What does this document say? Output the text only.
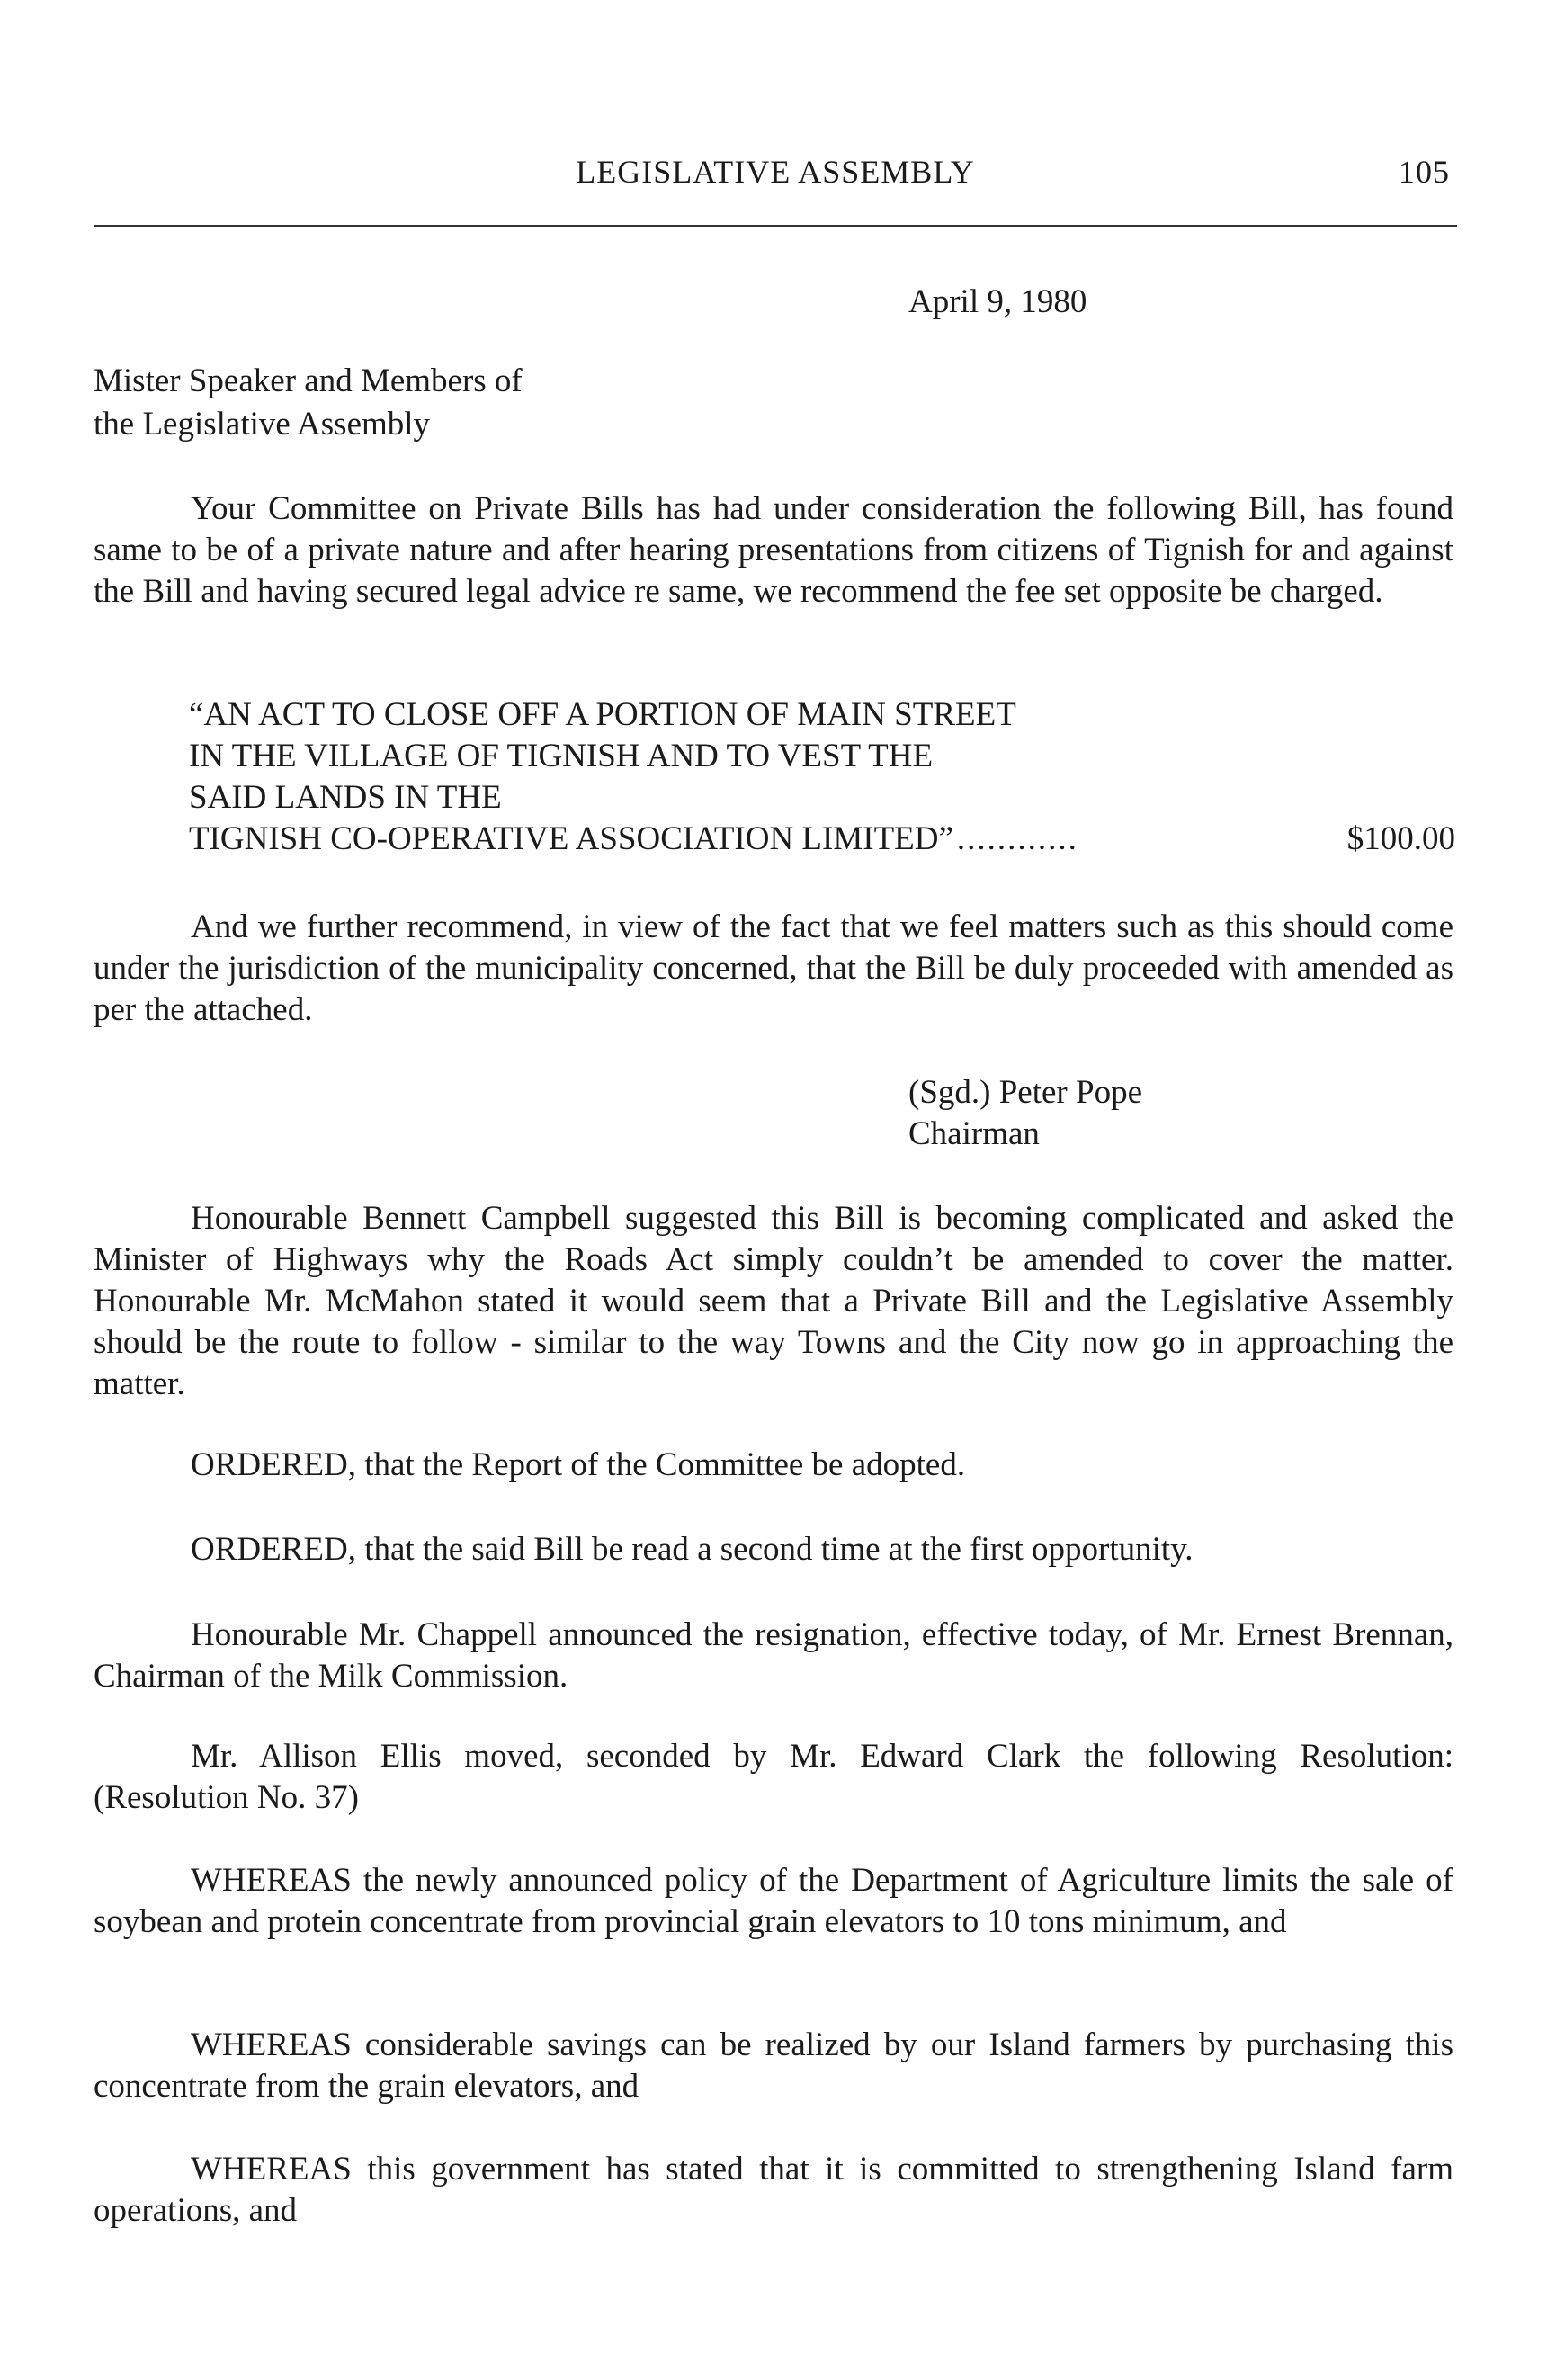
LEGISLATIVE ASSEMBLY	105
April 9, 1980
Mister Speaker and Members of
the Legislative Assembly

Your Committee on Private Bills has had under consideration the following Bill, has found same to be of a private nature and after hearing presentations from citizens of Tignish for and against the Bill and having secured legal advice re same, we recommend the fee set opposite be charged.

“AN ACT TO CLOSE OFF A PORTION OF MAIN STREET
IN THE VILLAGE OF TIGNISH AND TO VEST THE
SAID LANDS IN THE
TIGNISH CO-OPERATIVE ASSOCIATION LIMITED” ............	$100.00

And we further recommend, in view of the fact that we feel matters such as this should come under the jurisdiction of the municipality concerned, that the Bill be duly proceeded with amended as per the attached.

(Sgd.) Peter Pope
Chairman

Honourable Bennett Campbell suggested this Bill is becoming complicated and asked the Minister of Highways why the Roads Act simply couldn’t be amended to cover the matter. Honourable Mr. McMahon stated it would seem that a Private Bill and the Legislative Assembly should be the route to follow - similar to the way Towns and the City now go in approaching the matter.

ORDERED, that the Report of the Committee be adopted.

ORDERED, that the said Bill be read a second time at the first opportunity.

Honourable Mr. Chappell announced the resignation, effective today, of Mr. Ernest Brennan, Chairman of the Milk Commission.

Mr. Allison Ellis moved, seconded by Mr. Edward Clark the following Resolution: (Resolution No. 37)

WHEREAS the newly announced policy of the Department of Agriculture limits the sale of soybean and protein concentrate from provincial grain elevators to 10 tons minimum, and

WHEREAS considerable savings can be realized by our Island farmers by purchasing this concentrate from the grain elevators, and

WHEREAS this government has stated that it is committed to strengthening Island farm operations, and
